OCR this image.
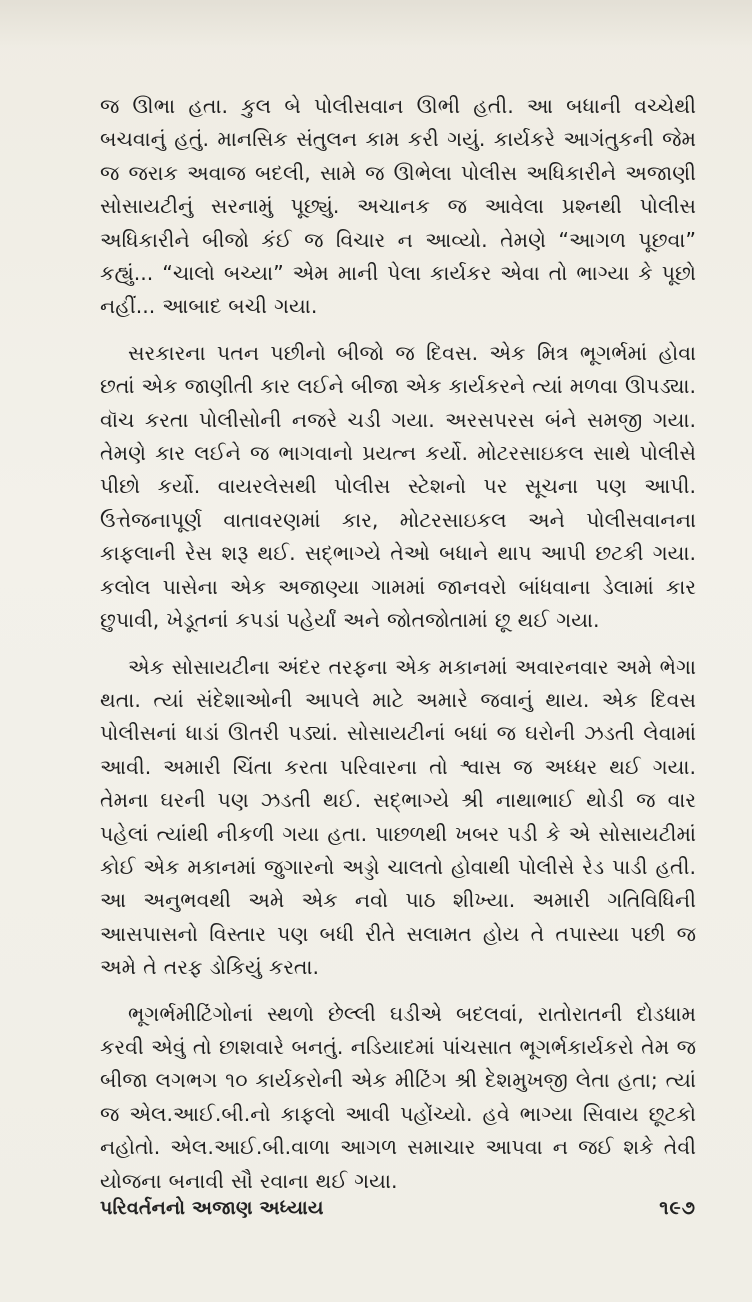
જ ઊભા હતા. કુલ બે પોલીસવાન ઊભી હતી. આ બધાની વચ્ચેથી બચવાનું હતું. માનસિક સંતુલન કામ કરી ગયું. કાર્યકરે આગંતુકની જેમ જ જરાક અવાજ બદલી, સામે જ ઊભેલા પોલીસ અધિકારીને અજાણી સોસાયટીનું સરનામું પૂછ્યું. અચાનક જ આવેલા પ્રશ્નથી પોલીસ અધિકારીને બીજો કંઈ જ વિચાર ન આવ્યો. તેમણે “આગળ પૂછવા” કહ્યું... “ચાલો બચ્યા” એમ માની પેલા કાર્યકર એવા તો ભાગ્યા કે પૂછો નહીં... આબાદ બચી ગયા.

સરકારના પતન પછીનો બીજો જ દિવસ. એક મિત્ર ભૂગર્ભમાં હોવા છતાં એક જાણીતી કાર લઈને બીજા એક કાર્યકરને ત્યાં મળવા ઊપડ્યા. વૉચ કરતા પોલીસોની નજરે ચડી ગયા. અરસપરસ બંને સમજી ગયા. તેમણે કાર લઈને જ ભાગવાનો પ્રયત્ન કર્યો. મોટરસાઇકલ સાથે પોલીસે પીછો કર્યો. વાયરલેસથી પોલીસ સ્ટેશનો પર સૂચના પણ આપી. ઉત્તેજનાપૂર્ણ વાતાવરણમાં કાર, મોટરસાઇકલ અને પોલીસવાનના કાફલાની રેસ શરૂ થઈ. સદ્ભાગ્યે તેઓ બધાને થાપ આપી છટકી ગયા. કલોલ પાસેના એક અજાણ્યા ગામમાં જાનવરો બાંધવાના ડેલામાં કાર છુપાવી, ખેડૂતનાં કપડાં પહેર્યાં અને જોતજોતામાં છૂ થઈ ગયા.

એક સોસાયટીના અંદર તરફના એક મકાનમાં અવારનવાર અમે ભેગા થતા. ત્યાં સંદેશાઓની આપલે માટે અમારે જવાનું થાય. એક દિવસ પોલીસનાં ધાડાં ઊતરી પડ્યાં. સોસાયટીનાં બધાં જ ઘરોની ઝડતી લેવામાં આવી. અમારી ચિંતા કરતા પરિવારના તો શ્વાસ જ અધ્ધર થઈ ગયા. તેમના ઘરની પણ ઝડતી થઈ. સદ્ભાગ્યે શ્રી નાથાભાઈ થોડી જ વાર પહેલાં ત્યાંથી નીકળી ગયા હતા. પાછળથી ખબર પડી કે એ સોસાયટીમાં કોઈ એક મકાનમાં જુગારનો અડ્ડો ચાલતો હોવાથી પોલીસે રેડ પાડી હતી. આ અનુભવથી અમે એક નવો પાઠ શીખ્યા. અમારી ગતિવિધિની આસપાસનો વિસ્તાર પણ બધી રીતે સલામત હોય તે તપાસ્યા પછી જ અમે તે તરફ ડોકિયું કરતા.

ભૂગર્ભમીટિંગોનાં સ્થળો છેલ્લી ઘડીએ બદલવાં, રાતોરાતની દોડધામ કરવી એવું તો છાશવારે બનતું. નડિયાદમાં પાંચસાત ભૂગર્ભકાર્યકરો તેમ જ બીજા લગભગ ૧૦ કાર્યકરોની એક મીટિંગ શ્રી દેશમુખજી લેતા હતા; ત્યાં જ એલ.આઈ.બી.નો કાફલો આવી પહોંચ્યો. હવે ભાગ્યા સિવાય છૂટકો નહોતો. એલ.આઈ.બી.વાળા આગળ સમાચાર આપવા ન જઈ શકે તેવી યોજના બનાવી સૌ રવાના થઈ ગયા.

પરિવર્તનનો અજાણ અધ્યાય	૧૯૭
